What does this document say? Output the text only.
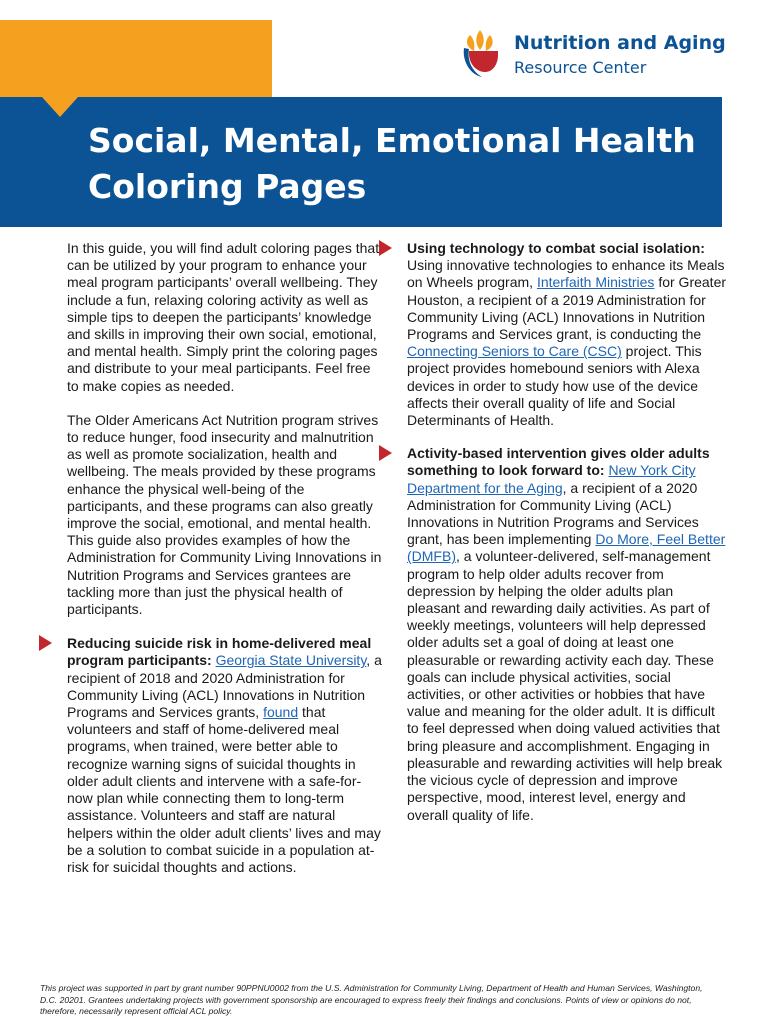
Social, Mental, Emotional Health Coloring Pages
Nutrition and Aging
Resource Center

In this guide, you will find adult coloring pages that can be utilized by your program to enhance your meal program participants’ overall wellbeing. They include a fun, relaxing coloring activity as well as simple tips to deepen the participants’ knowledge and skills in improving their own social, emotional, and mental health. Simply print the coloring pages and distribute to your meal participants. Feel free to make copies as needed.

The Older Americans Act Nutrition program strives to reduce hunger, food insecurity and malnutrition as well as promote socialization, health and wellbeing. The meals provided by these programs enhance the physical well-being of the participants, and these programs can also greatly improve the social, emotional, and mental health. This guide also provides examples of how the Administration for Community Living Innovations in Nutrition Programs and Services grantees are tackling more than just the physical health of participants.

Reducing suicide risk in home-delivered meal program participants: Georgia State University, a recipient of 2018 and 2020 Administration for Community Living (ACL) Innovations in Nutrition Programs and Services grants, found that volunteers and staff of home-delivered meal programs, when trained, were better able to recognize warning signs of suicidal thoughts in older adult clients and intervene with a safe-for-now plan while connecting them to long-term assistance. Volunteers and staff are natural helpers within the older adult clients’ lives and may be a solution to combat suicide in a population at-risk for suicidal thoughts and actions.

Using technology to combat social isolation: Using innovative technologies to enhance its Meals on Wheels program, Interfaith Ministries for Greater Houston, a recipient of a 2019 Administration for Community Living (ACL) Innovations in Nutrition Programs and Services grant, is conducting the Connecting Seniors to Care (CSC) project. This project provides homebound seniors with Alexa devices in order to study how use of the device affects their overall quality of life and Social Determinants of Health.

Activity-based intervention gives older adults something to look forward to: New York City Department for the Aging, a recipient of a 2020 Administration for Community Living (ACL) Innovations in Nutrition Programs and Services grant, has been implementing Do More, Feel Better (DMFB), a volunteer-delivered, self-management program to help older adults recover from depression by helping the older adults plan pleasant and rewarding daily activities. As part of weekly meetings, volunteers will help depressed older adults set a goal of doing at least one pleasurable or rewarding activity each day. These goals can include physical activities, social activities, or other activities or hobbies that have value and meaning for the older adult. It is difficult to feel depressed when doing valued activities that bring pleasure and accomplishment. Engaging in pleasurable and rewarding activities will help break the vicious cycle of depression and improve perspective, mood, interest level, energy and overall quality of life.

This project was supported in part by grant number 90PPNU0002 from the U.S. Administration for Community Living, Department of Health and Human Services, Washington, D.C. 20201. Grantees undertaking projects with government sponsorship are encouraged to express freely their findings and conclusions. Points of view or opinions do not, therefore, necessarily represent official ACL policy.
